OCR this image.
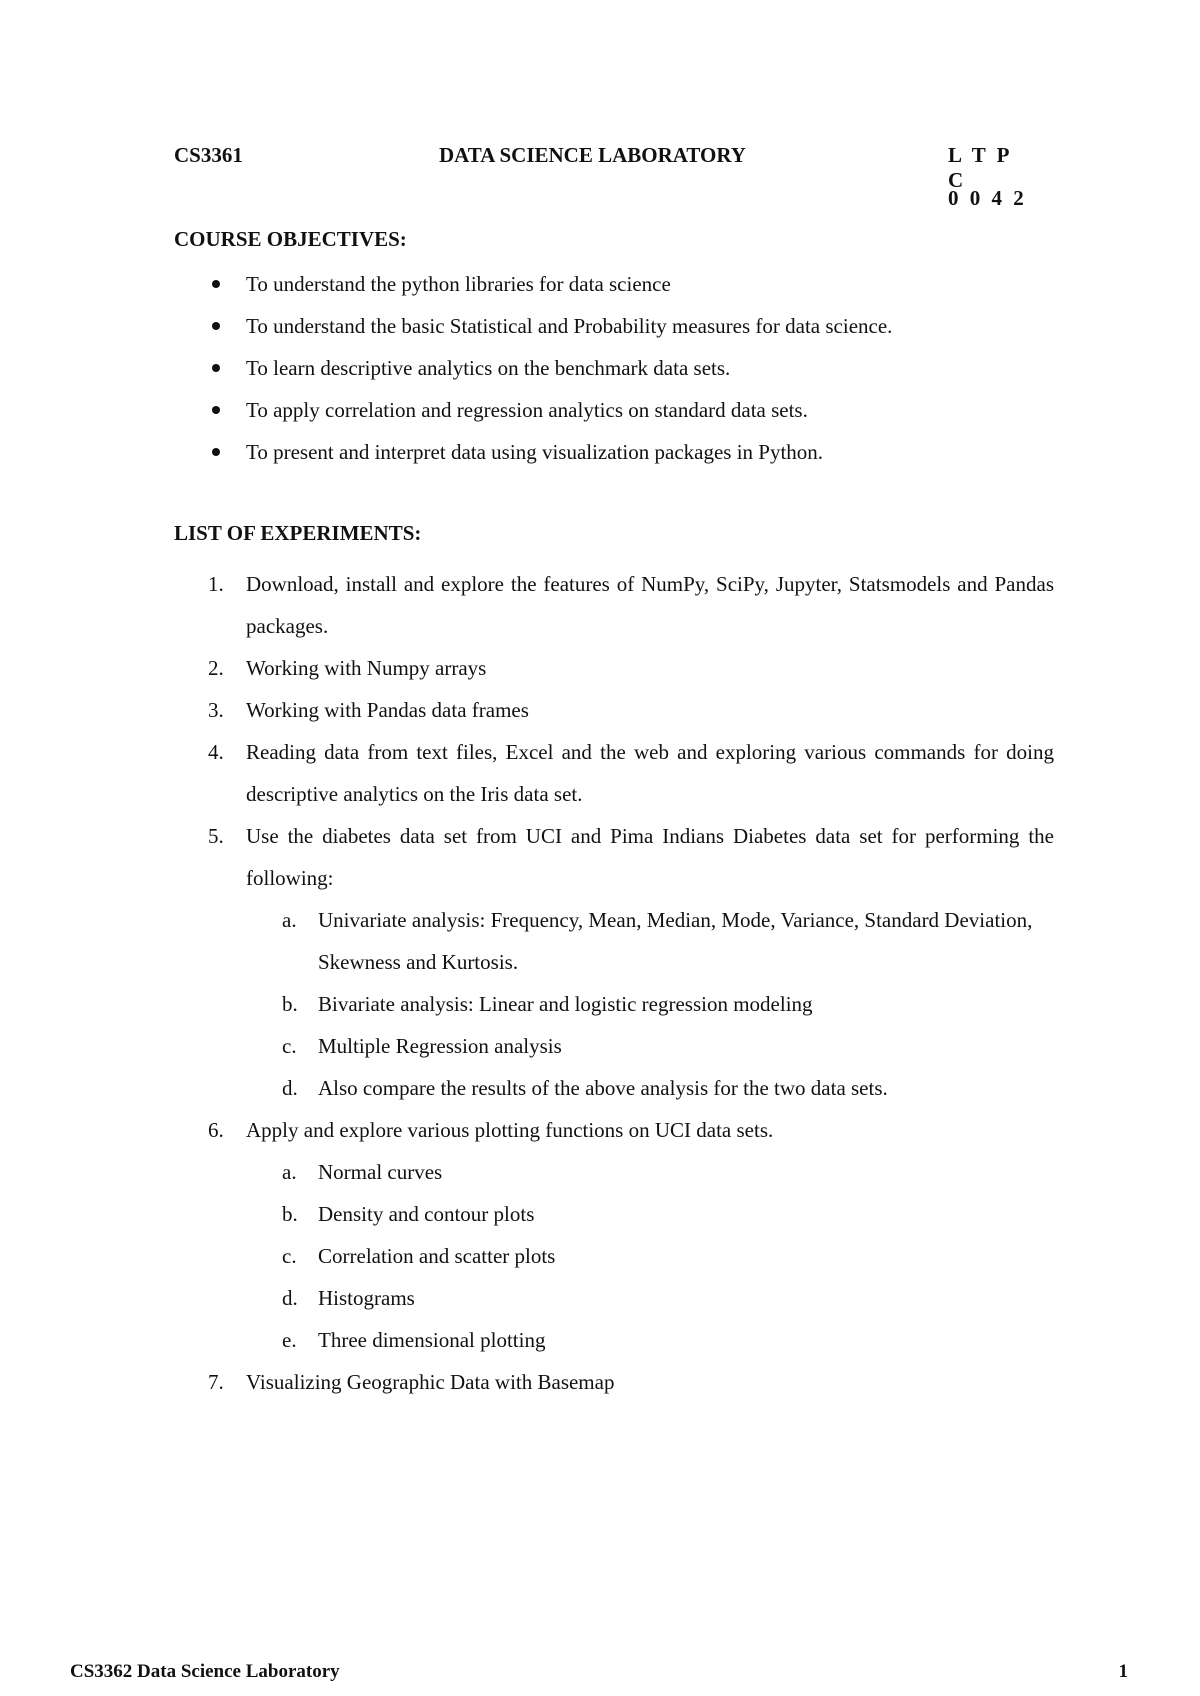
CS3361	DATA SCIENCE LABORATORY	L T P C
0 0 4 2
COURSE OBJECTIVES:
To understand the python libraries for data science
To understand the basic Statistical and Probability measures for data science.
To learn descriptive analytics on the benchmark data sets.
To apply correlation and regression analytics on standard data sets.
To present and interpret data using visualization packages in Python.
LIST OF EXPERIMENTS:
1. Download, install and explore the features of NumPy, SciPy, Jupyter, Statsmodels and Pandas packages.
2. Working with Numpy arrays
3. Working with Pandas data frames
4. Reading data from text files, Excel and the web and exploring various commands for doing descriptive analytics on the Iris data set.
5. Use the diabetes data set from UCI and Pima Indians Diabetes data set for performing the following:
a. Univariate analysis: Frequency, Mean, Median, Mode, Variance, Standard Deviation, Skewness and Kurtosis.
b. Bivariate analysis: Linear and logistic regression modeling
c. Multiple Regression analysis
d. Also compare the results of the above analysis for the two data sets.
6. Apply and explore various plotting functions on UCI data sets.
a. Normal curves
b. Density and contour plots
c. Correlation and scatter plots
d. Histograms
e. Three dimensional plotting
7. Visualizing Geographic Data with Basemap
CS3362 Data Science Laboratory	1
